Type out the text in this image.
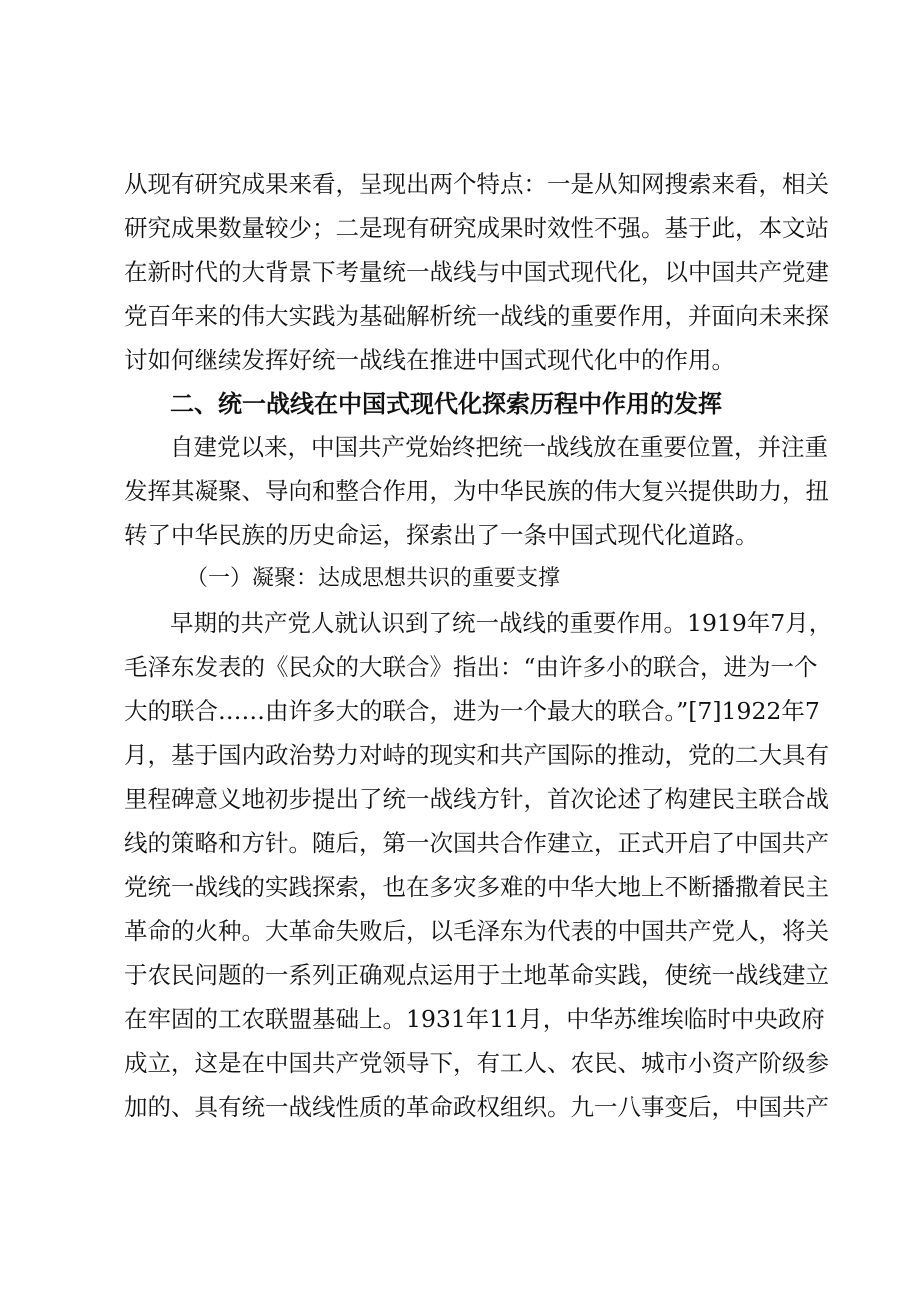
从现有研究成果来看，呈现出两个特点：一是从知网搜索来看，相关
研究成果数量较少；二是现有研究成果时效性不强。基于此，本文站
在新时代的大背景下考量统一战线与中国式现代化，以中国共产党建
党百年来的伟大实践为基础解析统一战线的重要作用，并面向未来探
讨如何继续发挥好统一战线在推进中国式现代化中的作用。
二、统一战线在中国式现代化探索历程中作用的发挥
自建党以来，中国共产党始终把统一战线放在重要位置，并注重
发挥其凝聚、导向和整合作用，为中华民族的伟大复兴提供助力，扭
转了中华民族的历史命运，探索出了一条中国式现代化道路。
（一）凝聚：达成思想共识的重要支撑
早期的共产党人就认识到了统一战线的重要作用。1919年7月，
毛泽东发表的《民众的大联合》指出：“由许多小的联合，进为一个
大的联合……由许多大的联合，进为一个最大的联合。”[7]1922年7
月，基于国内政治势力对峙的现实和共产国际的推动，党的二大具有
里程碑意义地初步提出了统一战线方针，首次论述了构建民主联合战
线的策略和方针。随后，第一次国共合作建立，正式开启了中国共产
党统一战线的实践探索，也在多灾多难的中华大地上不断播撒着民主
革命的火种。大革命失败后，以毛泽东为代表的中国共产党人，将关
于农民问题的一系列正确观点运用于土地革命实践，使统一战线建立
在牢固的工农联盟基础上。1931年11月，中华苏维埃临时中央政府
成立，这是在中国共产党领导下，有工人、农民、城市小资产阶级参
加的、具有统一战线性质的革命政权组织。九一八事变后，中国共产
